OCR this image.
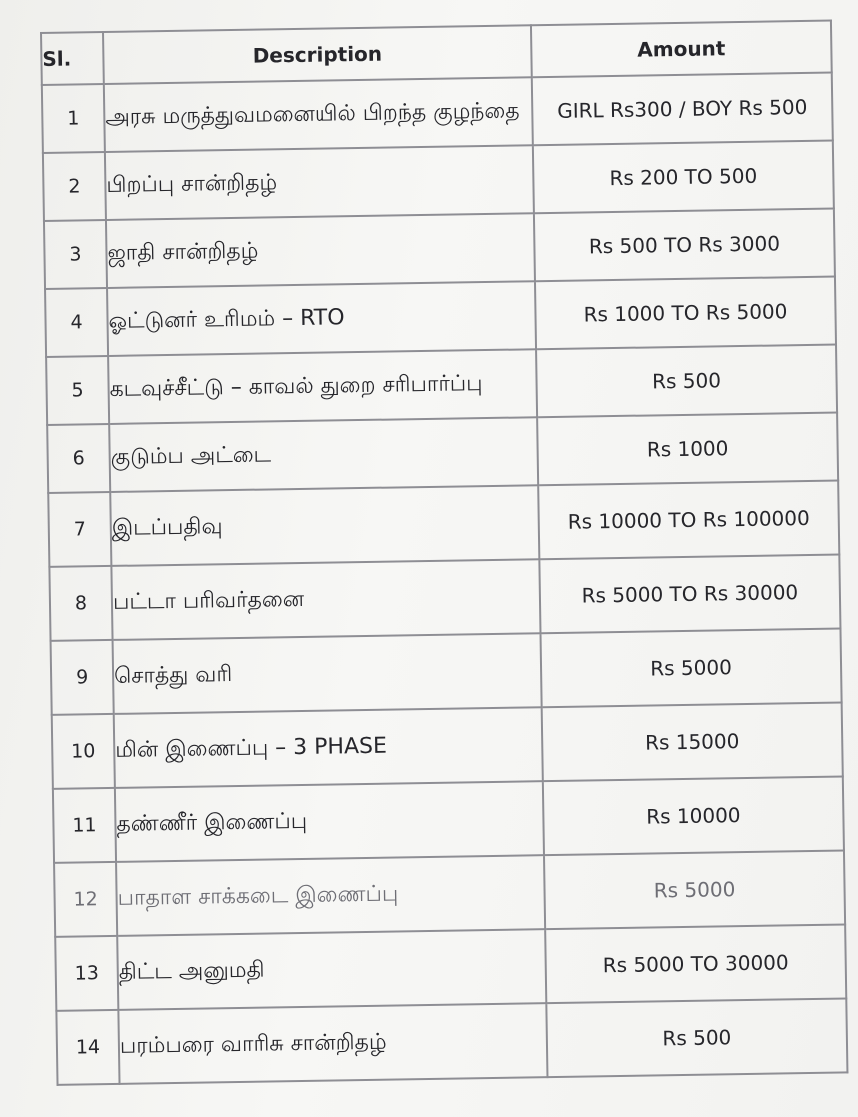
Sl.	Description	Amount
1	அரசு மருத்துவமனையில் பிறந்த குழந்தை	GIRL Rs300 / BOY Rs 500
2	பிறப்பு சான்றிதழ்	Rs 200 TO 500
3	ஜாதி சான்றிதழ்	Rs 500 TO Rs 3000
4	ஓட்டுனர் உரிமம் – RTO	Rs 1000 TO Rs 5000
5	கடவுச்சீட்டு – காவல் துறை சரிபார்ப்பு	Rs 500
6	குடும்ப அட்டை	Rs 1000
7	இடப்பதிவு	Rs 10000 TO Rs 100000
8	பட்டா பரிவர்தனை	Rs 5000 TO Rs 30000
9	சொத்து வரி	Rs 5000
10	மின் இணைப்பு – 3 PHASE	Rs 15000
11	தண்ணீர் இணைப்பு	Rs 10000
12	பாதாள சாக்கடை இணைப்பு	Rs 5000
13	திட்ட அனுமதி	Rs 5000 TO 30000
14	பரம்பரை வாரிசு சான்றிதழ்	Rs 500
